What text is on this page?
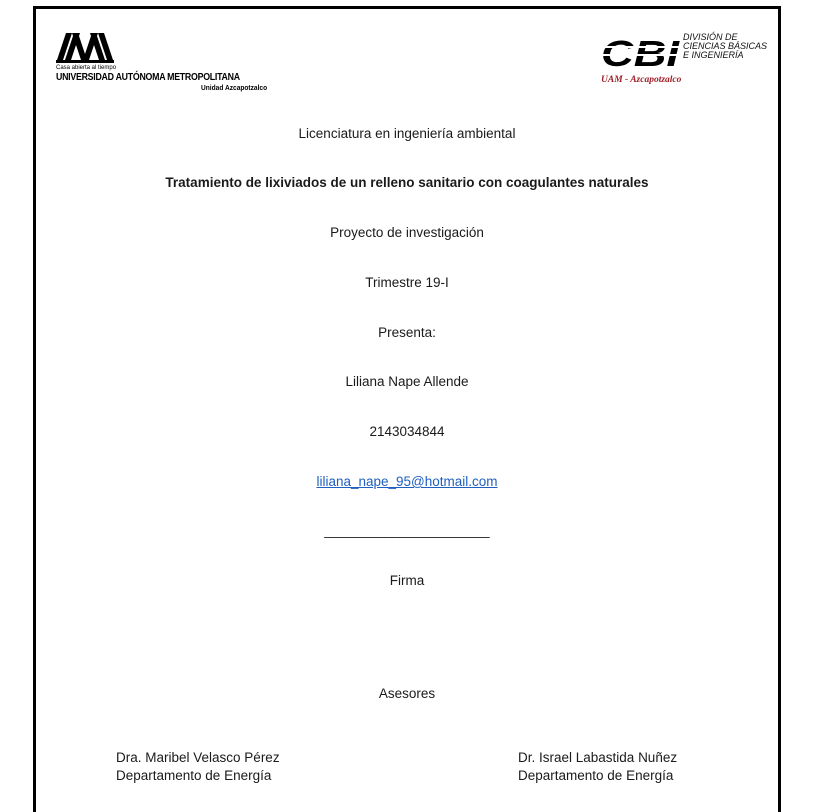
Casa abierta al tiempo
UNIVERSIDAD AUTÓNOMA METROPOLITANA
Unidad Azcapotzalco
CBI DIVISIÓN DE
CIENCIAS BÁSICAS
E INGENIERÍA
UAM - Azcapotzalco
Licenciatura en ingeniería ambiental
Tratamiento de lixiviados de un relleno sanitario con coagulantes naturales
Proyecto de investigación
Trimestre 19-I
Presenta:
Liliana Nape Allende
2143034844
liliana_nape_95@hotmail.com
______________________
Firma
Asesores
Dra. Maribel Velasco Pérez
Departamento de Energía
Dr. Israel Labastida Nuñez
Departamento de Energía
